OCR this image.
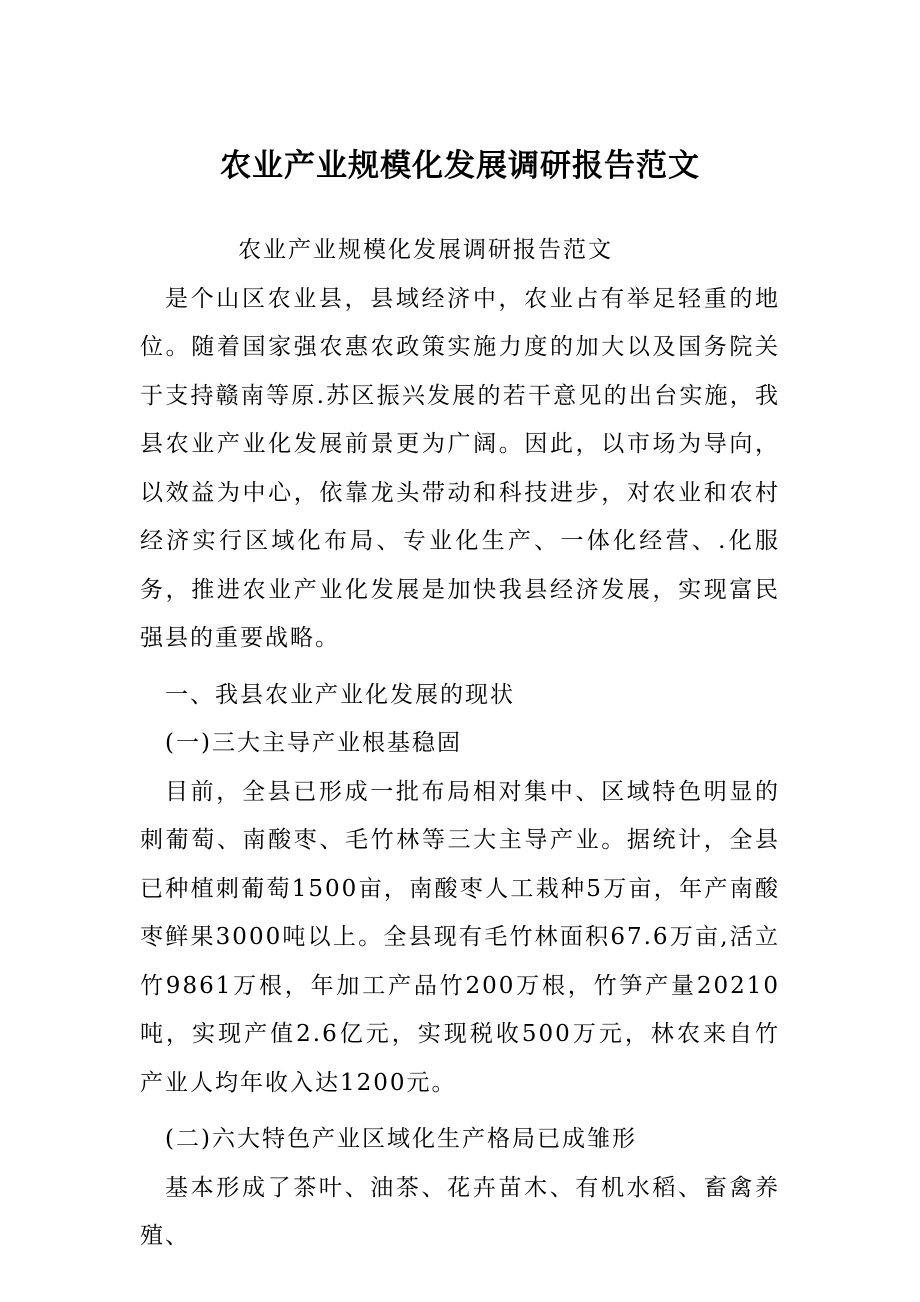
农业产业规模化发展调研报告范文

农业产业规模化发展调研报告范文

是个山区农业县，县域经济中，农业占有举足轻重的地位。随着国家强农惠农政策实施力度的加大以及国务院关于支持赣南等原.苏区振兴发展的若干意见的出台实施，我县农业产业化发展前景更为广阔。因此，以市场为导向，以效益为中心，依靠龙头带动和科技进步，对农业和农村经济实行区域化布局、专业化生产、一体化经营、.化服务，推进农业产业化发展是加快我县经济发展，实现富民强县的重要战略。

一、我县农业产业化发展的现状

(一)三大主导产业根基稳固

目前，全县已形成一批布局相对集中、区域特色明显的刺葡萄、南酸枣、毛竹林等三大主导产业。据统计，全县已种植刺葡萄1500亩，南酸枣人工栽种5万亩，年产南酸枣鲜果3000吨以上。全县现有毛竹林面积67.6万亩,活立竹9861万根，年加工产品竹200万根，竹笋产量20210吨，实现产值2.6亿元，实现税收500万元，林农来自竹产业人均年收入达1200元。

(二)六大特色产业区域化生产格局已成雏形

基本形成了茶叶、油茶、花卉苗木、有机水稻、畜禽养殖、
